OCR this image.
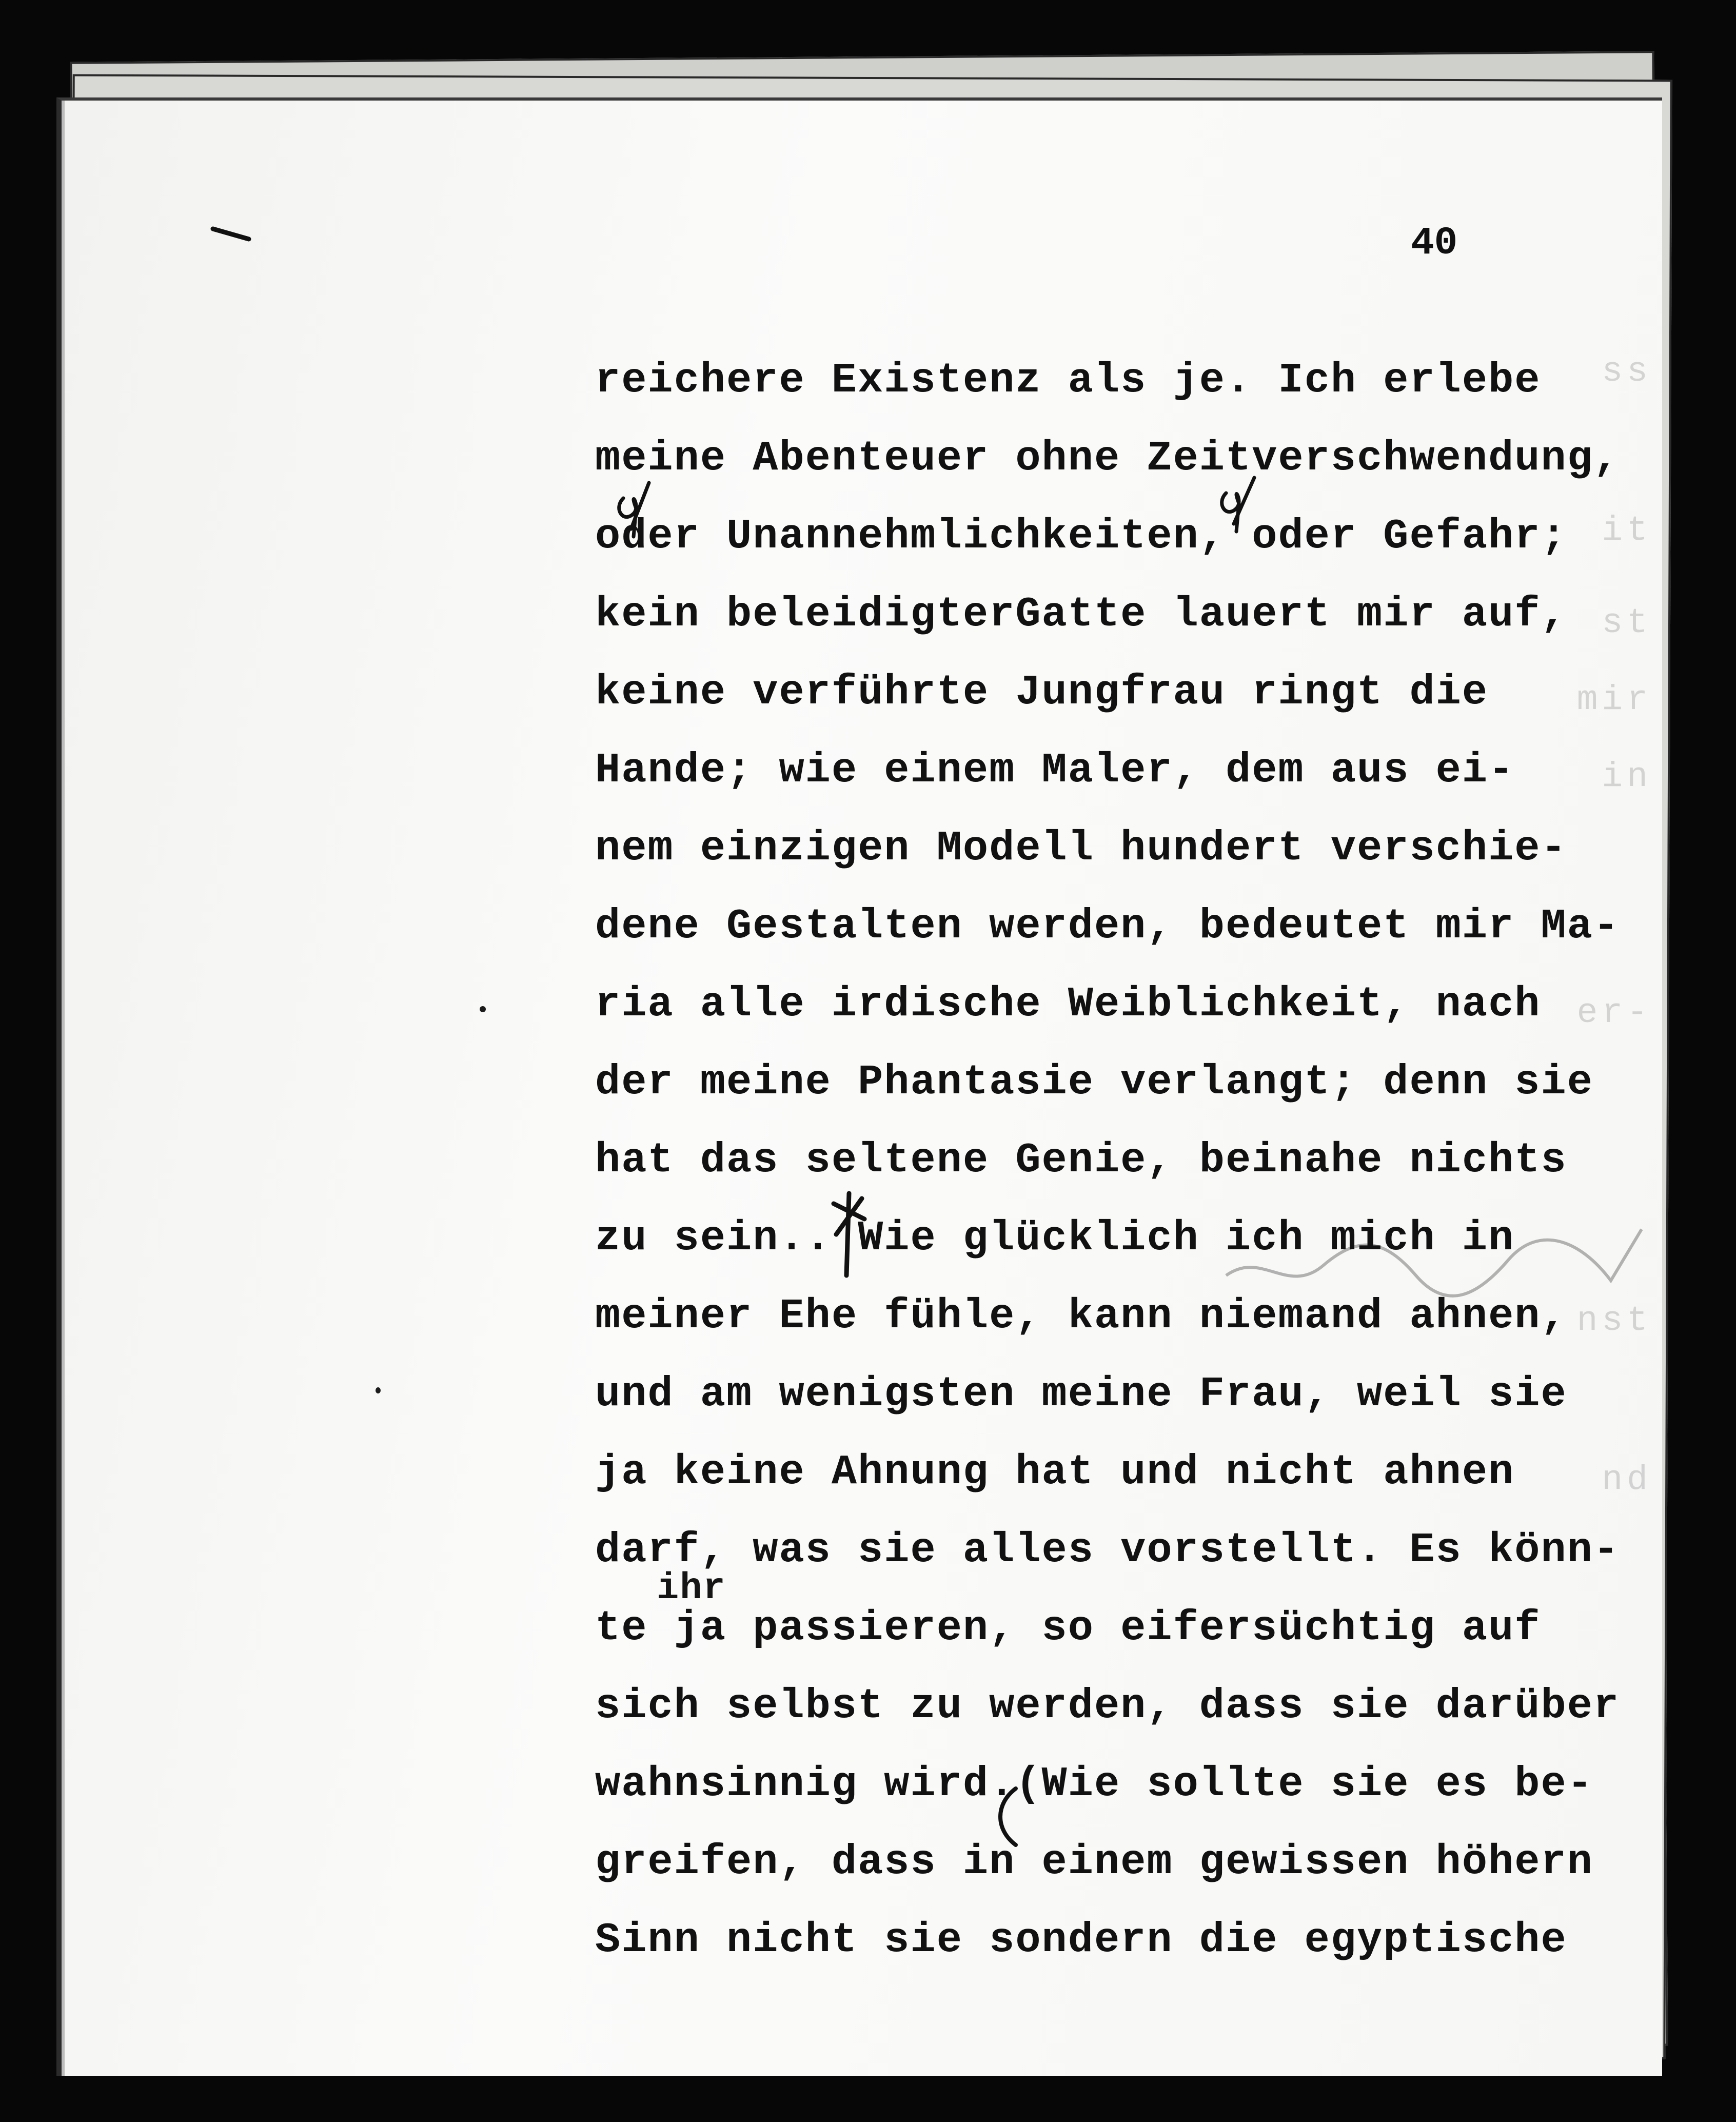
ss
it
st
mir
in
er-
nst
nd
40
reichere Existenz als je. Ich erlebe
meine Abenteuer ohne Zeitverschwendung,
oder Unannehmlichkeiten, oder Gefahr;
kein beleidigterGatte lauert mir auf,
keine verführte Jungfrau ringt die
Hande; wie einem Maler, dem aus ei-
nem einzigen Modell hundert verschie-
dene Gestalten werden, bedeutet mir Ma-
ria alle irdische Weiblichkeit, nach
der meine Phantasie verlangt; denn sie
hat das seltene Genie, beinahe nichts
zu sein.. Wie glücklich ich mich in
meiner Ehe fühle, kann niemand ahnen,
und am wenigsten meine Frau, weil sie
ja keine Ahnung hat und nicht ahnen
darf, was sie alles vorstellt. Es könn-
ihr
te ja passieren, so eifersüchtig auf
sich selbst zu werden, dass sie darüber
wahnsinnig wird.(Wie sollte sie es be-
greifen, dass in einem gewissen höhern
Sinn nicht sie sondern die egyptische
